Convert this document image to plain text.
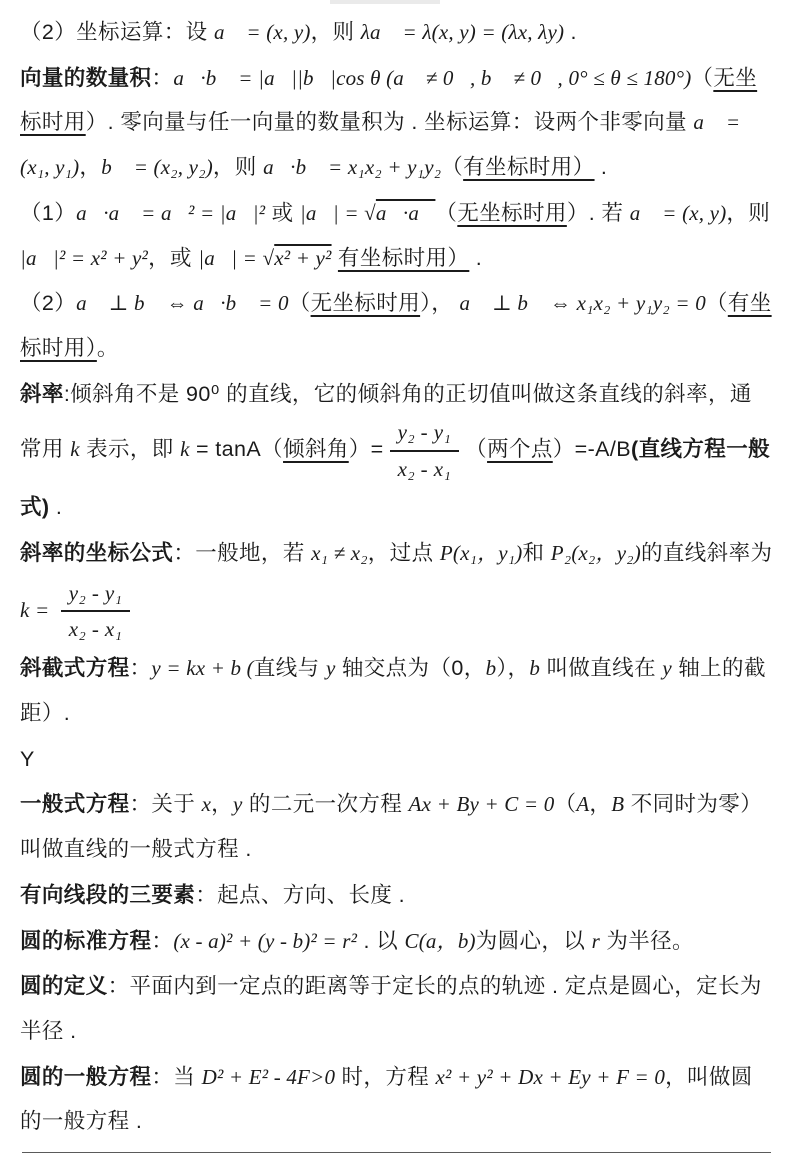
（2）坐标运算：设 a⃗ = (x, y)，则 λa⃗ = λ(x, y) = (λx, λy) .
向量的数量积：a⃗·b⃗ = |a⃗||b⃗|cos θ (a⃗ ≠ 0⃗, b⃗ ≠ 0⃗, 0° ≤ θ ≤ 180°)（无坐标时用）. 零向量与任一向量的数量积为 . 坐标运算：设两个非零向量 a⃗ = (x₁, y₁)，b⃗ = (x₂, y₂)，则 a⃗·b⃗ = x₁x₂ + y₁y₂（有坐标时用） .
（1）a⃗·a⃗ = a⃗² = |a⃗|² 或 |a⃗| = √a⃗·a⃗（无坐标时用）. 若 a⃗ = (x, y)，则 |a⃗|² = x² + y²，或 |a⃗| = √x² + y² 有坐标时用） .
（2）a⃗ ⊥ b⃗ ⇔ a⃗·b⃗ = 0（无坐标时用）， a⃗ ⊥ b⃗ ⇔ x₁x₂ + y₁y₂ = 0（有坐标时用）。
斜率:倾斜角不是 90⁰ 的直线，它的倾斜角的正切值叫做这条直线的斜率，通常用 k 表示，即 k = tanA（倾斜角）= $\frac{\text{y₂ - y₁}}{\text{x₂ - x₁}}$ （两个点）=-A/B(直线方程一般式) .
斜率的坐标公式：一般地，若 x₁ ≠ x₂，过点 P(x₁，y₁)和 P₂(x₂，y₂)的直线斜率为
$k = \frac{\text{y₂ - y₁}}{\text{x₂ - x₁}}$
斜截式方程：y = kx + b (直线与 y 轴交点为（0，b），b 叫做直线在 y 轴上的截距）.
Y
一般式方程：关于 x，y 的二元一次方程 Ax + By + C = 0（A，B 不同时为零）叫做直线的一般式方程 .
有向线段的三要素：起点、方向、长度 .
圆的标准方程：(x - a)² + (y - b)² = r² . 以 C(a，b)为圆心，以 r 为半径。
圆的定义：平面内到一定点的距离等于定长的点的轨迹 . 定点是圆心，定长为半径 .
圆的一般方程：当 D² + E² - 4F>0 时，方程 x² + y² + Dx + Ey + F = 0，叫做圆的一般方程 .
